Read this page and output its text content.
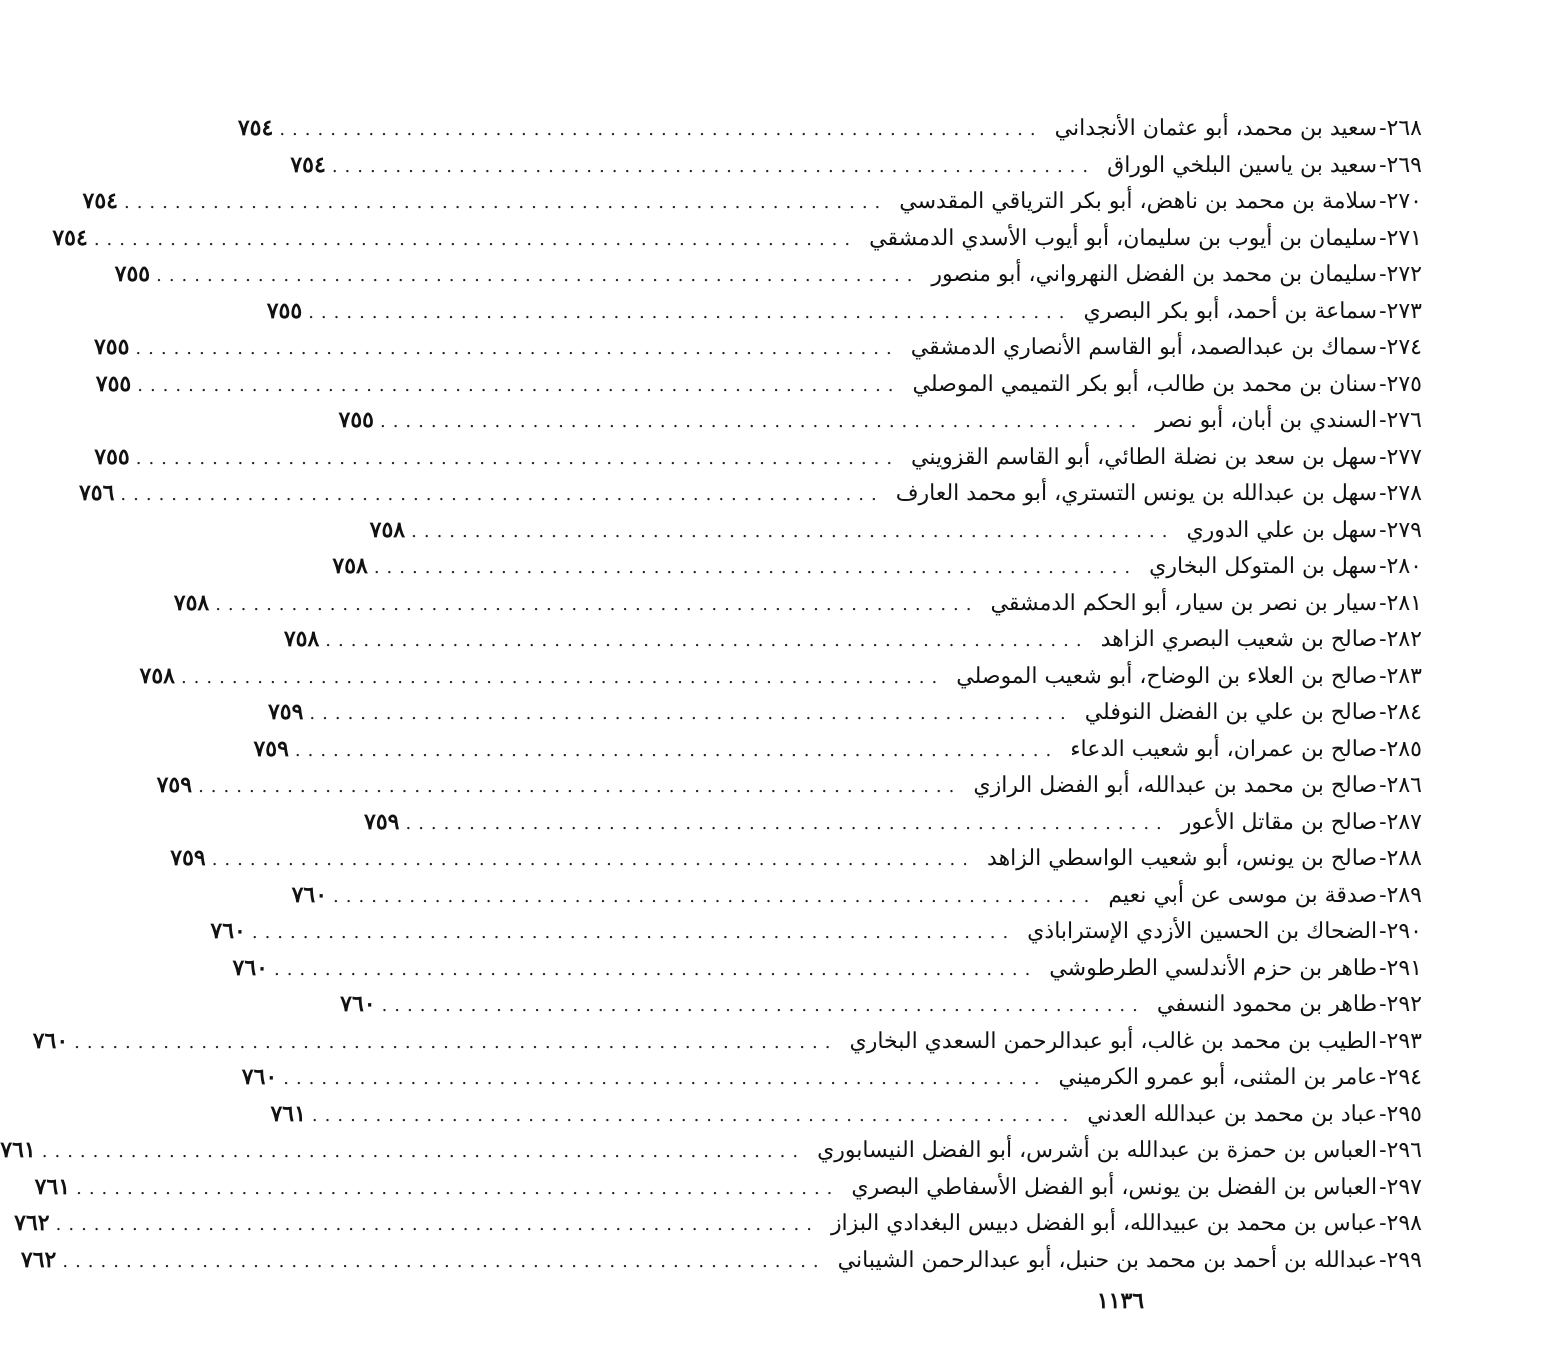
٢٦٨-
سعيد بن محمد، أبو عثمان الأنجداني
............................................................
٧٥٤
٢٦٩-
سعيد بن ياسين البلخي الوراق
............................................................
٧٥٤
٢٧٠-
سلامة بن محمد بن ناهض، أبو بكر الترياقي المقدسي
............................................................
٧٥٤
٢٧١-
سليمان بن أيوب بن سليمان، أبو أيوب الأسدي الدمشقي
............................................................
٧٥٤
٢٧٢-
سليمان بن محمد بن الفضل النهرواني، أبو منصور
............................................................
٧٥٥
٢٧٣-
سماعة بن أحمد، أبو بكر البصري
............................................................
٧٥٥
٢٧٤-
سماك بن عبدالصمد، أبو القاسم الأنصاري الدمشقي
............................................................
٧٥٥
٢٧٥-
سنان بن محمد بن طالب، أبو بكر التميمي الموصلي
............................................................
٧٥٥
٢٧٦-
السندي بن أبان، أبو نصر
............................................................
٧٥٥
٢٧٧-
سهل بن سعد بن نضلة الطائي، أبو القاسم القزويني
............................................................
٧٥٥
٢٧٨-
سهل بن عبدالله بن يونس التستري، أبو محمد العارف
............................................................
٧٥٦
٢٧٩-
سهل بن علي الدوري
............................................................
٧٥٨
٢٨٠-
سهل بن المتوكل البخاري
............................................................
٧٥٨
٢٨١-
سيار بن نصر بن سيار، أبو الحكم الدمشقي
............................................................
٧٥٨
٢٨٢-
صالح بن شعيب البصري الزاهد
............................................................
٧٥٨
٢٨٣-
صالح بن العلاء بن الوضاح، أبو شعيب الموصلي
............................................................
٧٥٨
٢٨٤-
صالح بن علي بن الفضل النوفلي
............................................................
٧٥٩
٢٨٥-
صالح بن عمران، أبو شعيب الدعاء
............................................................
٧٥٩
٢٨٦-
صالح بن محمد بن عبدالله، أبو الفضل الرازي
............................................................
٧٥٩
٢٨٧-
صالح بن مقاتل الأعور
............................................................
٧٥٩
٢٨٨-
صالح بن يونس، أبو شعيب الواسطي الزاهد
............................................................
٧٥٩
٢٨٩-
صدقة بن موسى عن أبي نعيم
............................................................
٧٦٠
٢٩٠-
الضحاك بن الحسين الأزدي الإستراباذي
............................................................
٧٦٠
٢٩١-
طاهر بن حزم الأندلسي الطرطوشي
............................................................
٧٦٠
٢٩٢-
طاهر بن محمود النسفي
............................................................
٧٦٠
٢٩٣-
الطيب بن محمد بن غالب، أبو عبدالرحمن السعدي البخاري
............................................................
٧٦٠
٢٩٤-
عامر بن المثنى، أبو عمرو الكرميني
............................................................
٧٦٠
٢٩٥-
عباد بن محمد بن عبدالله العدني
............................................................
٧٦١
٢٩٦-
العباس بن حمزة بن عبدالله بن أشرس، أبو الفضل النيسابوري
............................................................
٧٦١
٢٩٧-
العباس بن الفضل بن يونس، أبو الفضل الأسفاطي البصري
............................................................
٧٦١
٢٩٨-
عباس بن محمد بن عبيدالله، أبو الفضل دبيس البغدادي البزاز
............................................................
٧٦٢
٢٩٩-
عبدالله بن أحمد بن محمد بن حنبل، أبو عبدالرحمن الشيباني
............................................................
٧٦٢
١١٣٦
